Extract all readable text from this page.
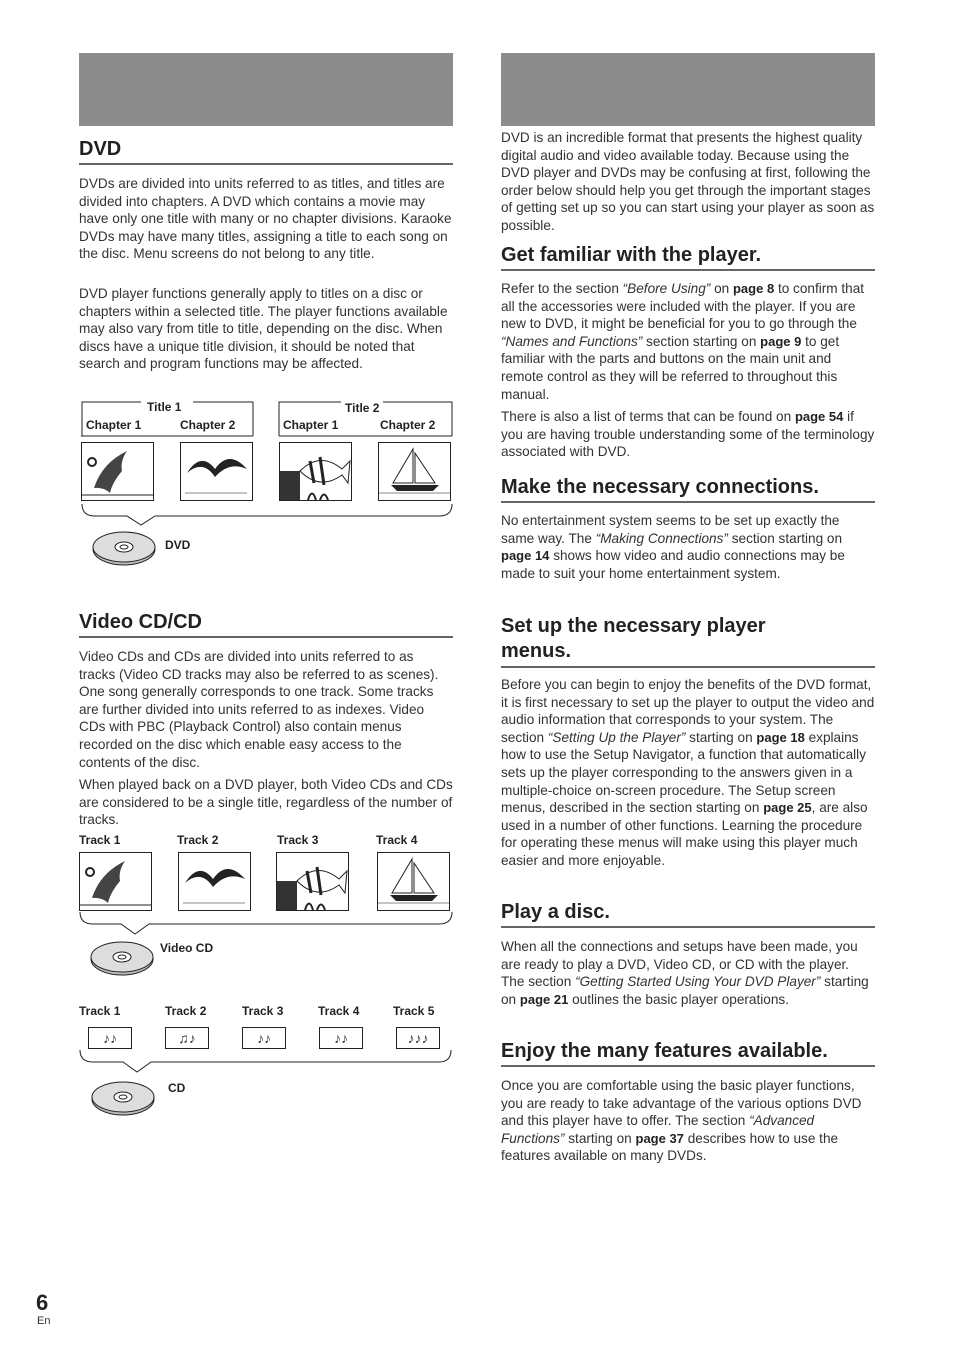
DVD

DVDs are divided into units referred to as titles, and titles are divided into chapters. A DVD which contains a movie may have only one title with many or no chapter divisions. Karaoke DVDs may have many titles, assigning a title to each song on the disc. Menu screens do not belong to any title.

DVD player functions generally apply to titles on a disc or chapters within a selected title. The player functions available may also vary from title to title, depending on the disc. When discs have a unique title division, it should be noted that search and program functions may be affected.

Title 1	Title 2
Chapter 1	Chapter 2	Chapter 1	Chapter 2
DVD
Video CD/CD

Video CDs and CDs are divided into units referred to as tracks (Video CD tracks may also be referred to as scenes). One song generally corresponds to one track. Some tracks are further divided into units referred to as indexes. Video CDs with PBC (Playback Control) also contain menus recorded on the disc which enable easy access to the contents of the disc.

When played back on a DVD player, both Video CDs and CDs are considered to be a single title, regardless of the number of tracks.

Track 1	Track 2	Track 3	Track 4
Video CD
Track 1	Track 2	Track 3	Track 4	Track 5
♪♪	♫♪	♪♪	♪♪	♪♪♪
CD

DVD is an incredible format that presents the highest quality digital audio and video available today. Because using the DVD player and DVDs may be confusing at first, following the order below should help you get through the important stages of getting set up so you can start using your player as soon as possible.

Get familiar with the player.

Refer to the section “Before Using” on page 8 to confirm that all the accessories were included with the player. If you are new to DVD, it might be beneficial for you to go through the “Names and Functions” section starting on page 9 to get familiar with the parts and buttons on the main unit and remote control as they will be referred to throughout this manual.

There is also a list of terms that can be found on page 54 if you are having trouble understanding some of the terminology associated with DVD.

Make the necessary connections.

No entertainment system seems to be set up exactly the same way. The “Making Connections” section starting on page 14 shows how video and audio connections may be made to suit your home entertainment system.

Set up the necessary player
menus.

Before you can begin to enjoy the benefits of the DVD format, it is first necessary to set up the player to output the video and audio information that corresponds to your system. The section “Setting Up the Player” starting on page 18 explains how to use the Setup Navigator, a function that automatically sets up the player corresponding to the answers given in a multiple-choice on-screen procedure. The Setup screen menus, described in the section starting on page 25, are also used in a number of other functions. Learning the procedure for operating these menus will make using this player much easier and more enjoyable.

Play a disc.

When all the connections and setups have been made, you are ready to play a DVD, Video CD, or CD with the player. The section “Getting Started Using Your DVD Player” starting on page 21 outlines the basic player operations.

Enjoy the many features available.

Once you are comfortable using the basic player functions, you are ready to take advantage of the various options DVD and this player have to offer. The section “Advanced Functions” starting on page 37 describes how to use the features available on many DVDs.

6
En
